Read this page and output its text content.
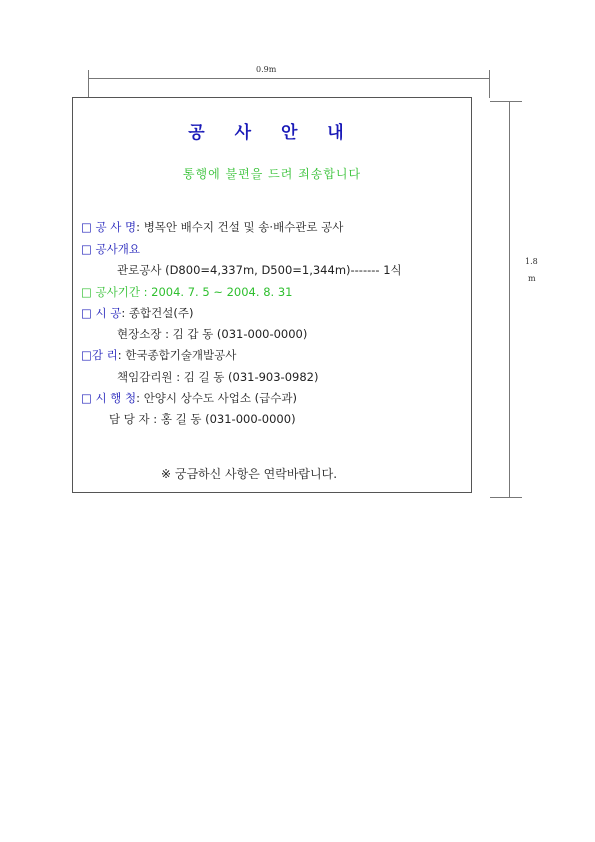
0.9m
1.8
m
공 사 안 내
통행에 불편을 드려 죄송합니다
□ 공 사 명: 병목안 배수지 건설 및 송·배수관로 공사
□ 공사개요
관로공사 (D800=4,337m, D500=1,344m)------- 1식
□ 공사기간 : 2004. 7. 5 ~ 2004. 8. 31
□ 시 공: 종합건설(주)
현장소장 : 김 갑 동 (031-000-0000)
□감 리: 한국종합기술개발공사
책임감리원 : 김 길 동 (031-903-0982)
□ 시 행 청: 안양시 상수도 사업소 (급수과)
담 당 자 : 홍 길 동 (031-000-0000)
※ 궁금하신 사항은 연락바랍니다.
